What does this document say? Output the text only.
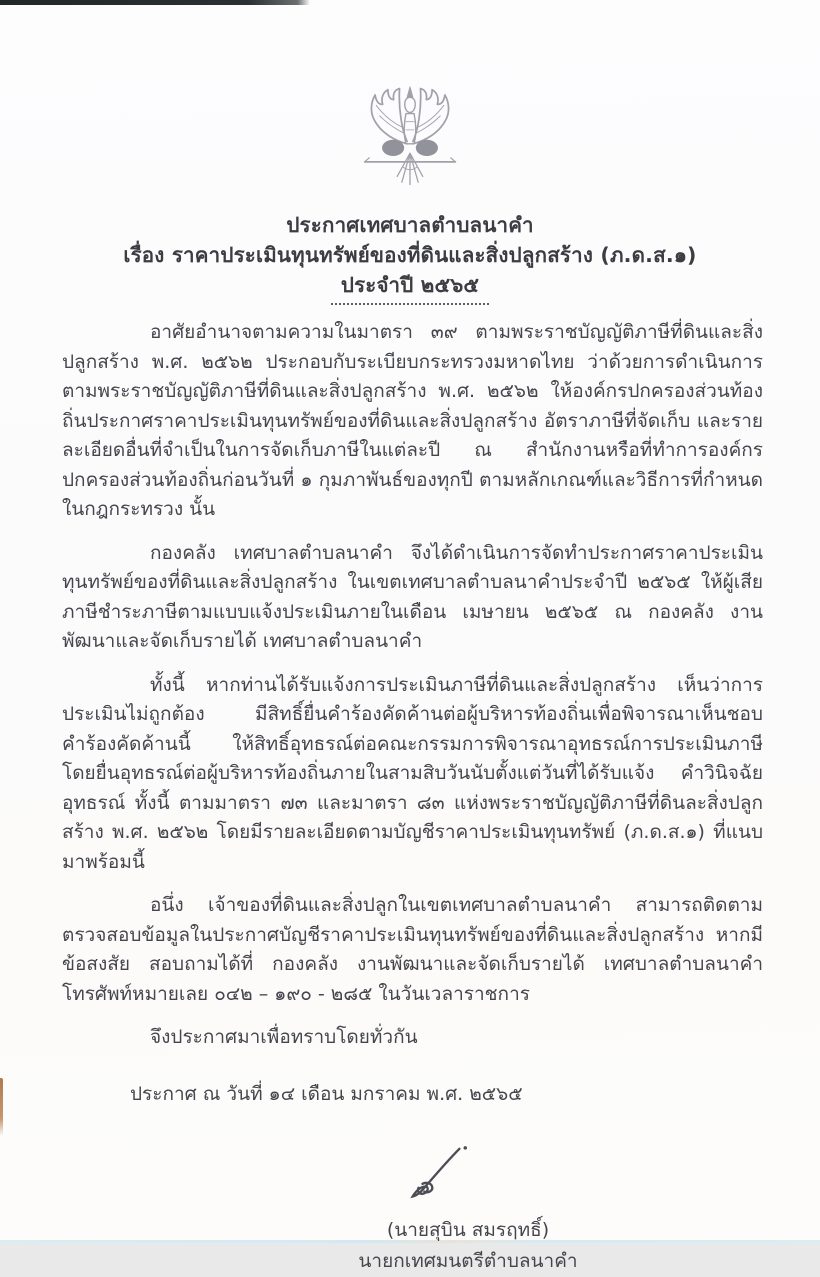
ประกาศเทศบาลตำบลนาคำ
เรื่อง ราคาประเมินทุนทรัพย์ของที่ดินและสิ่งปลูกสร้าง (ภ.ด.ส.๑)
ประจำปี ๒๕๖๕

อาศัยอำนาจตามความในมาตรา ๓๙ ตามพระราชบัญญัติภาษีที่ดินและสิ่งปลูกสร้าง พ.ศ. ๒๕๖๒ ประกอบกับระเบียบกระทรวงมหาดไทย ว่าด้วยการดำเนินการตามพระราชบัญญัติภาษีที่ดินและสิ่งปลูกสร้าง พ.ศ. ๒๕๖๒ ให้องค์กรปกครองส่วนท้องถิ่นประกาศราคาประเมินทุนทรัพย์ของที่ดินและสิ่งปลูกสร้าง อัตราภาษีที่จัดเก็บ และรายละเอียดอื่นที่จำเป็นในการจัดเก็บภาษีในแต่ละปี ณ สำนักงานหรือที่ทำการองค์กรปกครองส่วนท้องถิ่นก่อนวันที่ ๑ กุมภาพันธ์ของทุกปี ตามหลักเกณฑ์และวิธีการที่กำหนดในกฎกระทรวง นั้น

กองคลัง เทศบาลตำบลนาคำ จึงได้ดำเนินการจัดทำประกาศราคาประเมินทุนทรัพย์ของที่ดินและสิ่งปลูกสร้าง ในเขตเทศบาลตำบลนาคำประจำปี ๒๕๖๕ ให้ผู้เสียภาษีชำระภาษีตามแบบแจ้งประเมินภายในเดือน เมษายน ๒๕๖๕ ณ กองคลัง งานพัฒนาและจัดเก็บรายได้ เทศบาลตำบลนาคำ

ทั้งนี้ หากท่านได้รับแจ้งการประเมินภาษีที่ดินและสิ่งปลูกสร้าง เห็นว่าการประเมินไม่ถูกต้อง มีสิทธิ์ยื่นคำร้องคัดค้านต่อผู้บริหารท้องถิ่นเพื่อพิจารณาเห็นชอบคำร้องคัดค้านนี้ ให้สิทธิ์อุทธรณ์ต่อคณะกรรมการพิจารณาอุทธรณ์การประเมินภาษี โดยยื่นอุทธรณ์ต่อผู้บริหารท้องถิ่นภายในสามสิบวันนับตั้งแต่วันที่ได้รับแจ้ง คำวินิจฉัยอุทธรณ์ ทั้งนี้ ตามมาตรา ๗๓ และมาตรา ๘๓ แห่งพระราชบัญญัติภาษีที่ดินละสิ่งปลูกสร้าง พ.ศ. ๒๕๖๒ โดยมีรายละเอียดตามบัญชีราคาประเมินทุนทรัพย์ (ภ.ด.ส.๑) ที่แนบมาพร้อมนี้

อนึ่ง เจ้าของที่ดินและสิ่งปลูกในเขตเทศบาลตำบลนาคำ สามารถติดตามตรวจสอบข้อมูลในประกาศบัญชีราคาประเมินทุนทรัพย์ของที่ดินและสิ่งปลูกสร้าง หากมีข้อสงสัย สอบถามได้ที่ กองคลัง งานพัฒนาและจัดเก็บรายได้ เทศบาลตำบลนาคำ โทรศัพท์หมายเลย ๐๔๒ – ๑๙๐ - ๒๘๕ ในวันเวลาราชการ

จึงประกาศมาเพื่อทราบโดยทั่วกัน

ประกาศ ณ วันที่ ๑๔ เดือน มกราคม พ.ศ. ๒๕๖๕
(นายสุบิน สมรฤทธิ์)
นายกเทศมนตรีตำบลนาคำ
